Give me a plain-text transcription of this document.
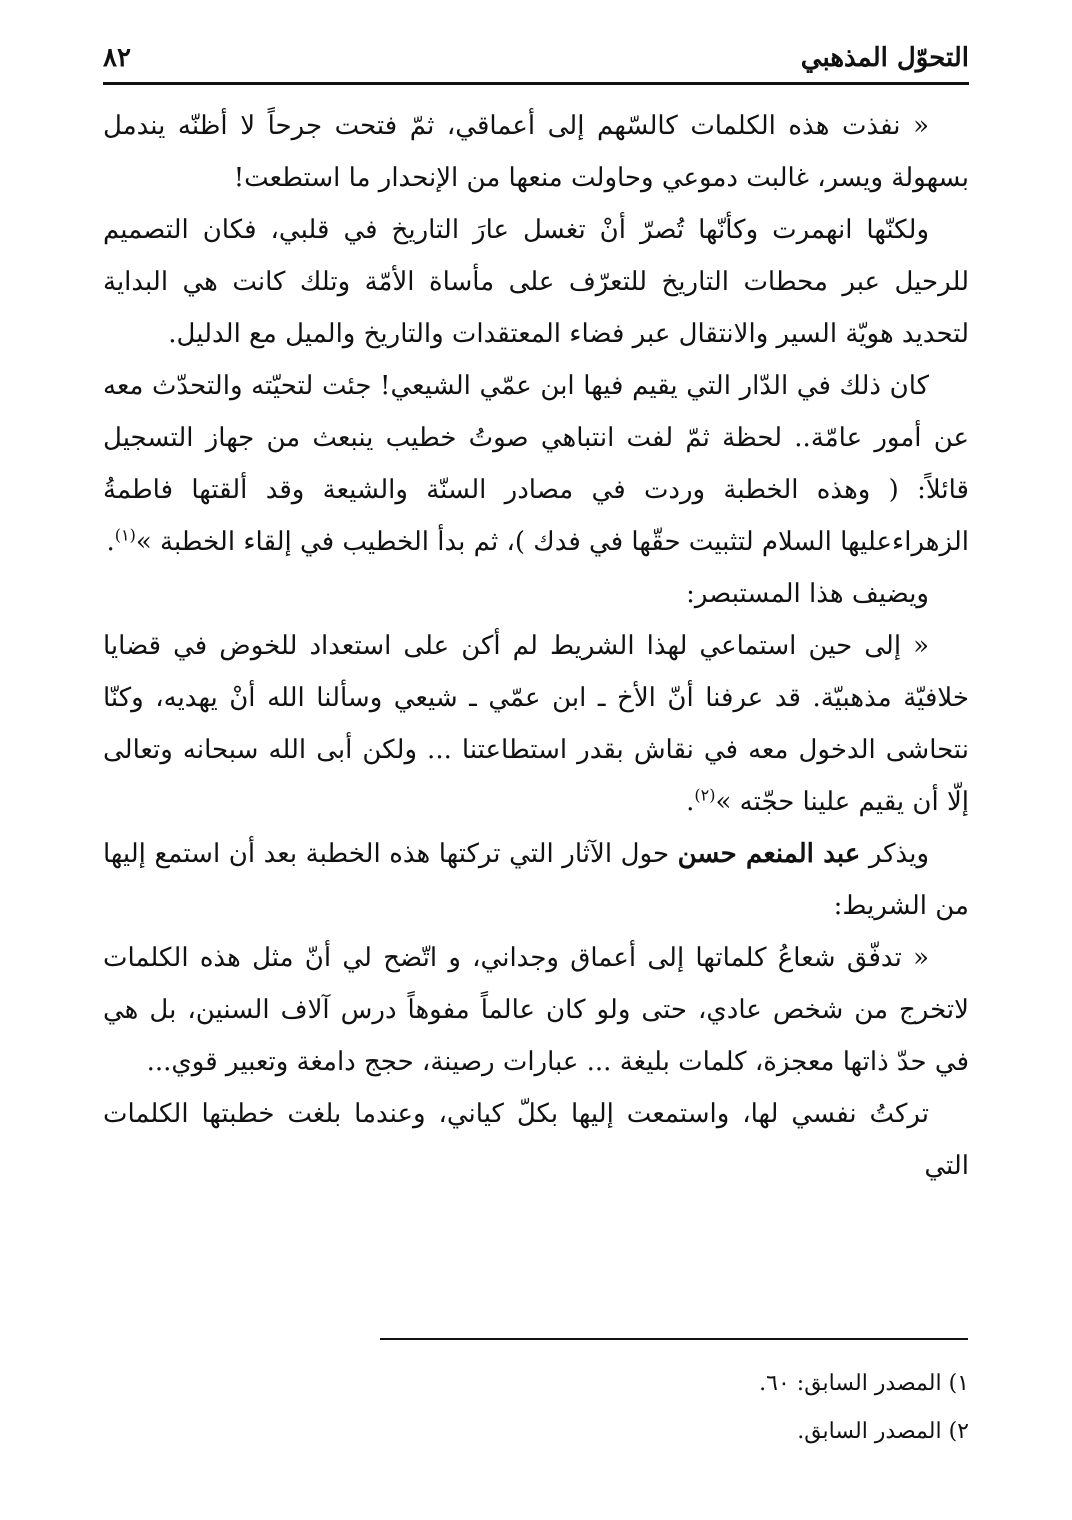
التحوّل المذهبي
٨٢

« نفذت هذه الكلمات كالسّهم إلى أعماقي، ثمّ فتحت جرحاً لا أظنّه يندمل بسهولة ويسر، غالبت دموعي وحاولت منعها من الإنحدار ما استطعت!

ولكنّها انهمرت وكأنّها تُصرّ أنْ تغسل عارَ التاريخ في قلبي، فكان التصميم للرحيل عبر محطات التاريخ للتعرّف على مأساة الأمّة وتلك كانت هي البداية لتحديد هويّة السير والانتقال عبر فضاء المعتقدات والتاريخ والميل مع الدليل.

كان ذلك في الدّار التي يقيم فيها ابن عمّي الشيعي! جئت لتحيّته والتحدّث معه عن أمور عامّة.. لحظة ثمّ لفت انتباهي صوتُ خطيب ينبعث من جهاز التسجيل قائلاً: ( وهذه الخطبة وردت في مصادر السنّة والشيعة وقد ألقتها فاطمةُ الزهراءعليها السلام لتثبيت حقّها في فدك )، ثم بدأ الخطيب في إلقاء الخطبة »$^{(١)}$.

ويضيف هذا المستبصر:

« إلى حين استماعي لهذا الشريط لم أكن على استعداد للخوض في قضايا خلافيّة مذهبيّة. قد عرفنا أنّ الأخ ـ ابن عمّي ـ شيعي وسألنا الله أنْ يهديه، وكنّا نتحاشى الدخول معه في نقاش بقدر استطاعتنا ... ولكن أبى الله سبحانه وتعالى إلّا أن يقيم علينا حجّته »$^{(٢)}$.

ويذكر عبد المنعم حسن حول الآثار التي تركتها هذه الخطبة بعد أن استمع إليها من الشريط:

« تدفّق شعاعُ كلماتها إلى أعماق وجداني، و اتّضح لي أنّ مثل هذه الكلمات لاتخرج من شخص عادي، حتى ولو كان عالماً مفوهاً درس آلاف السنين، بل هي في حدّ ذاتها معجزة، كلمات بليغة ... عبارات رصينة، حجج دامغة وتعبير قوي...

تركتُ نفسي لها، واستمعت إليها بكلّ كياني، وعندما بلغت خطبتها الكلمات التي

١) المصدر السابق: ٦٠.

٢) المصدر السابق.
